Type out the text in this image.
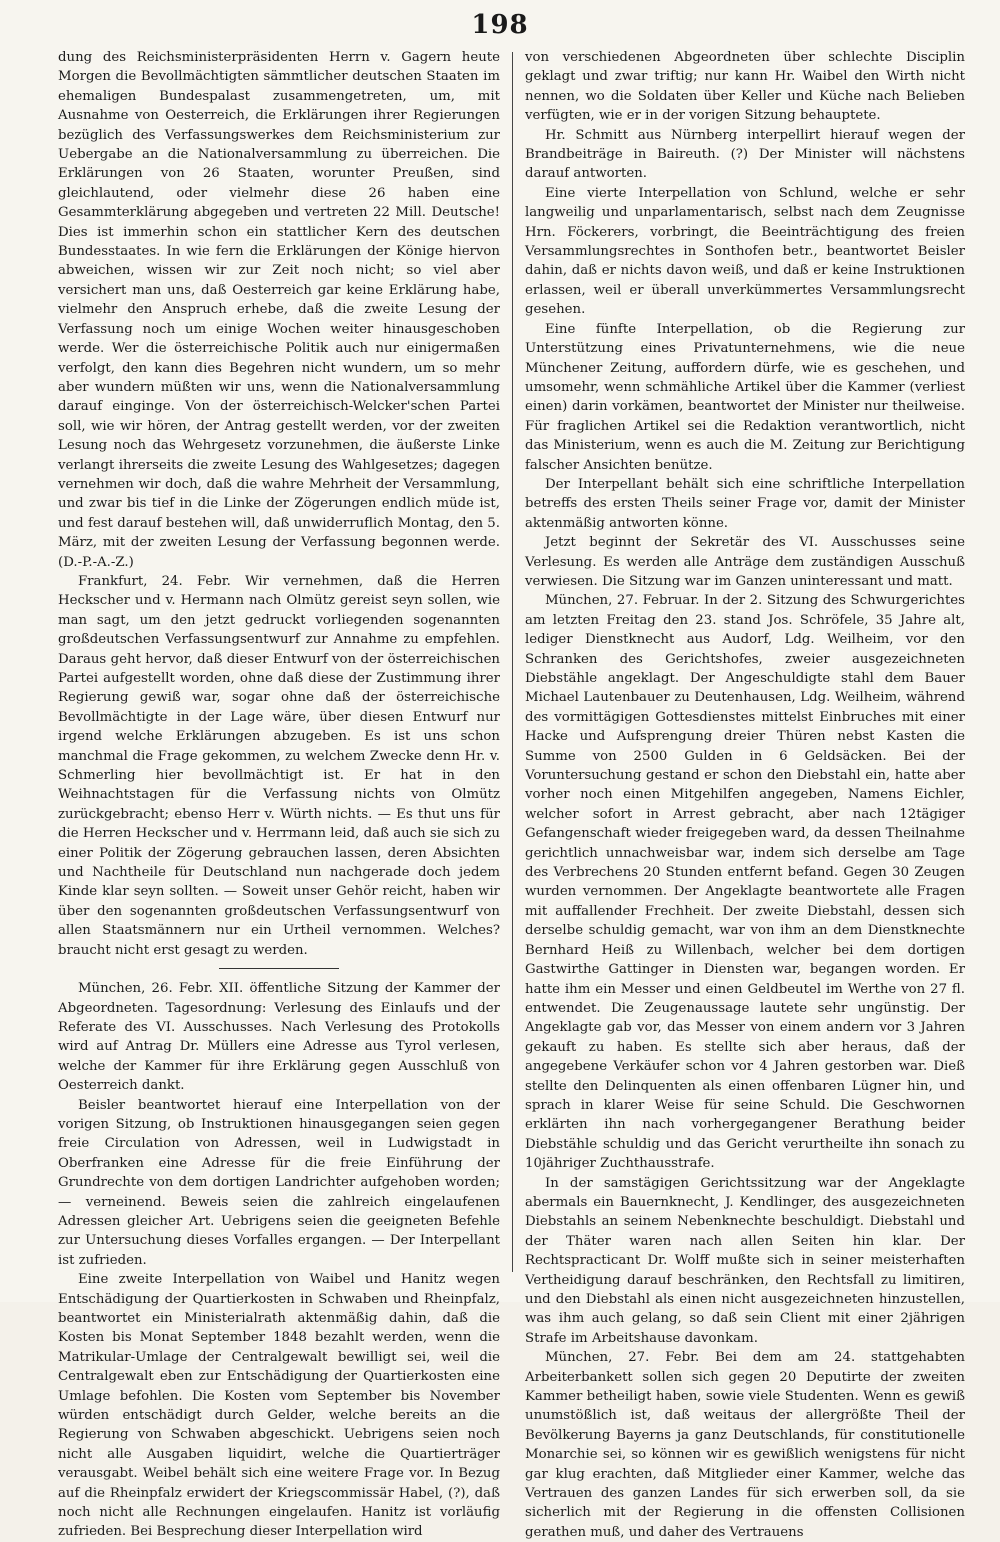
198

dung des Reichsministerpräsidenten Herrn v. Gagern heute Morgen die Bevollmächtigten sämmtlicher deutschen Staaten im ehemaligen Bundespalast zusammengetreten, um, mit Ausnahme von Oesterreich, die Erklärungen ihrer Regierungen bezüglich des Verfassungswerkes dem Reichsministerium zur Uebergabe an die Nationalversammlung zu überreichen. Die Erklärungen von 26 Staaten, worunter Preußen, sind gleichlautend, oder vielmehr diese 26 haben eine Gesammterklärung abgegeben und vertreten 22 Mill. Deutsche! Dies ist immerhin schon ein stattlicher Kern des deutschen Bundesstaates. In wie fern die Erklärungen der Könige hiervon abweichen, wissen wir zur Zeit noch nicht; so viel aber versichert man uns, daß Oesterreich gar keine Erklärung habe, vielmehr den Anspruch erhebe, daß die zweite Lesung der Verfassung noch um einige Wochen weiter hinausgeschoben werde. Wer die österreichische Politik auch nur einigermaßen verfolgt, den kann dies Begehren nicht wundern, um so mehr aber wundern müßten wir uns, wenn die Nationalversammlung darauf einginge. Von der österreichisch-Welcker'schen Partei soll, wie wir hören, der Antrag gestellt werden, vor der zweiten Lesung noch das Wehrgesetz vorzunehmen, die äußerste Linke verlangt ihrerseits die zweite Lesung des Wahlgesetzes; dagegen vernehmen wir doch, daß die wahre Mehrheit der Versammlung, und zwar bis tief in die Linke der Zögerungen endlich müde ist, und fest darauf bestehen will, daß unwiderruflich Montag, den 5. März, mit der zweiten Lesung der Verfassung begonnen werde. (D.-P.-A.-Z.)

Frankfurt, 24. Febr. Wir vernehmen, daß die Herren Heckscher und v. Hermann nach Olmütz gereist seyn sollen, wie man sagt, um den jetzt gedruckt vorliegenden sogenannten großdeutschen Verfassungsentwurf zur Annahme zu empfehlen. Daraus geht hervor, daß dieser Entwurf von der österreichischen Partei aufgestellt worden, ohne daß diese der Zustimmung ihrer Regierung gewiß war, sogar ohne daß der österreichische Bevollmächtigte in der Lage wäre, über diesen Entwurf nur irgend welche Erklärungen abzugeben. Es ist uns schon manchmal die Frage gekommen, zu welchem Zwecke denn Hr. v. Schmerling hier bevollmächtigt ist. Er hat in den Weihnachtstagen für die Verfassung nichts von Olmütz zurückgebracht; ebenso Herr v. Würth nichts. — Es thut uns für die Herren Heckscher und v. Herrmann leid, daß auch sie sich zu einer Politik der Zögerung gebrauchen lassen, deren Absichten und Nachtheile für Deutschland nun nachgerade doch jedem Kinde klar seyn sollten. — Soweit unser Gehör reicht, haben wir über den sogenannten großdeutschen Verfassungsentwurf von allen Staatsmännern nur ein Urtheil vernommen. Welches? braucht nicht erst gesagt zu werden.

München, 26. Febr. XII. öffentliche Sitzung der Kammer der Abgeordneten. Tagesordnung: Verlesung des Einlaufs und der Referate des VI. Ausschusses. Nach Verlesung des Protokolls wird auf Antrag Dr. Müllers eine Adresse aus Tyrol verlesen, welche der Kammer für ihre Erklärung gegen Ausschluß von Oesterreich dankt.

Beisler beantwortet hierauf eine Interpellation von der vorigen Sitzung, ob Instruktionen hinausgegangen seien gegen freie Circulation von Adressen, weil in Ludwigstadt in Oberfranken eine Adresse für die freie Einführung der Grundrechte von dem dortigen Landrichter aufgehoben worden; — verneinend. Beweis seien die zahlreich eingelaufenen Adressen gleicher Art. Uebrigens seien die geeigneten Befehle zur Untersuchung dieses Vorfalles ergangen. — Der Interpellant ist zufrieden.

Eine zweite Interpellation von Waibel und Hanitz wegen Entschädigung der Quartierkosten in Schwaben und Rheinpfalz, beantwortet ein Ministerialrath aktenmäßig dahin, daß die Kosten bis Monat September 1848 bezahlt werden, wenn die Matrikular-Umlage der Centralgewalt bewilligt sei, weil die Centralgewalt eben zur Entschädigung der Quartierkosten eine Umlage befohlen. Die Kosten vom September bis November würden entschädigt durch Gelder, welche bereits an die Regierung von Schwaben abgeschickt. Uebrigens seien noch nicht alle Ausgaben liquidirt, welche die Quartierträger verausgabt. Weibel behält sich eine weitere Frage vor. In Bezug auf die Rheinpfalz erwidert der Kriegscommissär Habel, (?), daß noch nicht alle Rechnungen eingelaufen. Hanitz ist vorläufig zufrieden. Bei Besprechung dieser Interpellation wird

von verschiedenen Abgeordneten über schlechte Disciplin geklagt und zwar triftig; nur kann Hr. Waibel den Wirth nicht nennen, wo die Soldaten über Keller und Küche nach Belieben verfügten, wie er in der vorigen Sitzung behauptete.

Hr. Schmitt aus Nürnberg interpellirt hierauf wegen der Brandbeiträge in Baireuth. (?) Der Minister will nächstens darauf antworten.

Eine vierte Interpellation von Schlund, welche er sehr langweilig und unparlamentarisch, selbst nach dem Zeugnisse Hrn. Föckerers, vorbringt, die Beeinträchtigung des freien Versammlungsrechtes in Sonthofen betr., beantwortet Beisler dahin, daß er nichts davon weiß, und daß er keine Instruktionen erlassen, weil er überall unverkümmertes Versammlungsrecht gesehen.

Eine fünfte Interpellation, ob die Regierung zur Unterstützung eines Privatunternehmens, wie die neue Münchener Zeitung, auffordern dürfe, wie es geschehen, und umsomehr, wenn schmähliche Artikel über die Kammer (verliest einen) darin vorkämen, beantwortet der Minister nur theilweise. Für fraglichen Artikel sei die Redaktion verantwortlich, nicht das Ministerium, wenn es auch die M. Zeitung zur Berichtigung falscher Ansichten benütze.

Der Interpellant behält sich eine schriftliche Interpellation betreffs des ersten Theils seiner Frage vor, damit der Minister aktenmäßig antworten könne.

Jetzt beginnt der Sekretär des VI. Ausschusses seine Verlesung. Es werden alle Anträge dem zuständigen Ausschuß verwiesen. Die Sitzung war im Ganzen uninteressant und matt.

München, 27. Februar. In der 2. Sitzung des Schwurgerichtes am letzten Freitag den 23. stand Jos. Schröfele, 35 Jahre alt, lediger Dienstknecht aus Audorf, Ldg. Weilheim, vor den Schranken des Gerichtshofes, zweier ausgezeichneten Diebstähle angeklagt. Der Angeschuldigte stahl dem Bauer Michael Lautenbauer zu Deutenhausen, Ldg. Weilheim, während des vormittägigen Gottesdienstes mittelst Einbruches mit einer Hacke und Aufsprengung dreier Thüren nebst Kasten die Summe von 2500 Gulden in 6 Geldsäcken. Bei der Voruntersuchung gestand er schon den Diebstahl ein, hatte aber vorher noch einen Mitgehilfen angegeben, Namens Eichler, welcher sofort in Arrest gebracht, aber nach 12tägiger Gefangenschaft wieder freigegeben ward, da dessen Theilnahme gerichtlich unnachweisbar war, indem sich derselbe am Tage des Verbrechens 20 Stunden entfernt befand. Gegen 30 Zeugen wurden vernommen. Der Angeklagte beantwortete alle Fragen mit auffallender Frechheit. Der zweite Diebstahl, dessen sich derselbe schuldig gemacht, war von ihm an dem Dienstknechte Bernhard Heiß zu Willenbach, welcher bei dem dortigen Gastwirthe Gattinger in Diensten war, begangen worden. Er hatte ihm ein Messer und einen Geldbeutel im Werthe von 27 fl. entwendet. Die Zeugenaussage lautete sehr ungünstig. Der Angeklagte gab vor, das Messer von einem andern vor 3 Jahren gekauft zu haben. Es stellte sich aber heraus, daß der angegebene Verkäufer schon vor 4 Jahren gestorben war. Dieß stellte den Delinquenten als einen offenbaren Lügner hin, und sprach in klarer Weise für seine Schuld. Die Geschwornen erklärten ihn nach vorhergegangener Berathung beider Diebstähle schuldig und das Gericht verurtheilte ihn sonach zu 10jähriger Zuchthausstrafe.

In der samstägigen Gerichtssitzung war der Angeklagte abermals ein Bauernknecht, J. Kendlinger, des ausgezeichneten Diebstahls an seinem Nebenknechte beschuldigt. Diebstahl und der Thäter waren nach allen Seiten hin klar. Der Rechtspracticant Dr. Wolff mußte sich in seiner meisterhaften Vertheidigung darauf beschränken, den Rechtsfall zu limitiren, und den Diebstahl als einen nicht ausgezeichneten hinzustellen, was ihm auch gelang, so daß sein Client mit einer 2jährigen Strafe im Arbeitshause davonkam.

München, 27. Febr. Bei dem am 24. stattgehabten Arbeiterbankett sollen sich gegen 20 Deputirte der zweiten Kammer betheiligt haben, sowie viele Studenten. Wenn es gewiß unumstößlich ist, daß weitaus der allergrößte Theil der Bevölkerung Bayerns ja ganz Deutschlands, für constitutionelle Monarchie sei, so können wir es gewißlich wenigstens für nicht gar klug erachten, daß Mitglieder einer Kammer, welche das Vertrauen des ganzen Landes für sich erwerben soll, da sie sicherlich mit der Regierung in die offensten Collisionen gerathen muß, und daher des Vertrauens
